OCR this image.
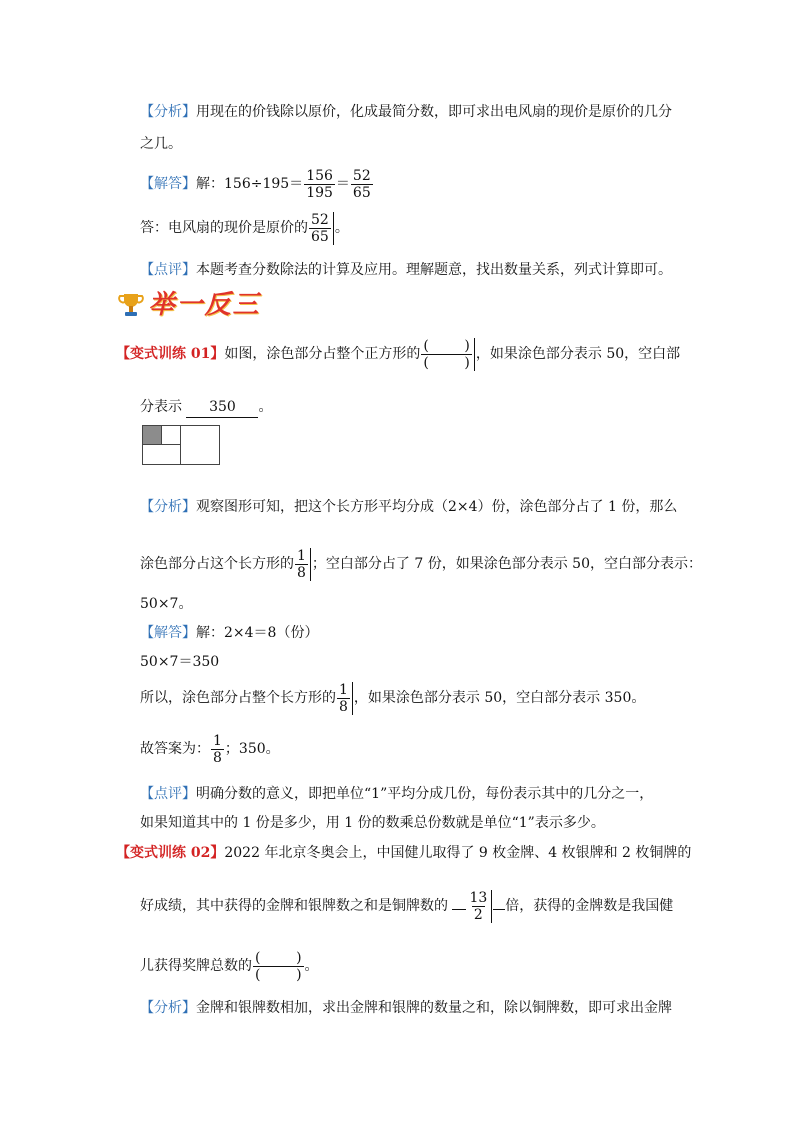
【分析】用现在的价钱除以原价，化成最简分数，即可求出电风扇的现价是原价的几分
之几。
【解答】解：$156\div 195= \frac{156}{195} = \frac{52}{65}$
答：电风扇的现价是原价的 $\frac{52}{65}$ 。
【点评】本题考查分数除法的计算及应用。理解题意，找出数量关系，列式计算即可。
举一反三
【变式训练 01】如图，涂色部分占整个正方形的 $\frac{( )}{( )}$ ，如果涂色部分表示 50，空白部
分表示 350 。
【分析】观察图形可知，把这个长方形平均分成（2×4）份，涂色部分占了 1 份，那么
涂色部分占这个长方形的 $\frac{1}{8}$ ；空白部分占了 7 份，如果涂色部分表示 50，空白部分表示：
50×7。
【解答】解：2×4＝8（份）
50×7＝350
所以，涂色部分占整个长方形的 $\frac{1}{8}$ ，如果涂色部分表示 50，空白部分表示 350。
故答案为： $\frac{1}{8}$ ；350。
【点评】明确分数的意义，即把单位“1”平均分成几份，每份表示其中的几分之一，
如果知道其中的 1 份是多少，用 1 份的数乘总份数就是单位“1”表示多少。
【变式训练 02】2022 年北京冬奥会上，中国健儿取得了 9 枚金牌、4 枚银牌和 2 枚铜牌的
好成绩，其中获得的金牌和银牌数之和是铜牌数的 $\frac{13}{2}$ 倍，获得的金牌数是我国健
儿获得奖牌总数的 $\frac{( )}{( )}$ 。
【分析】金牌和银牌数相加，求出金牌和银牌的数量之和，除以铜牌数，即可求出金牌
